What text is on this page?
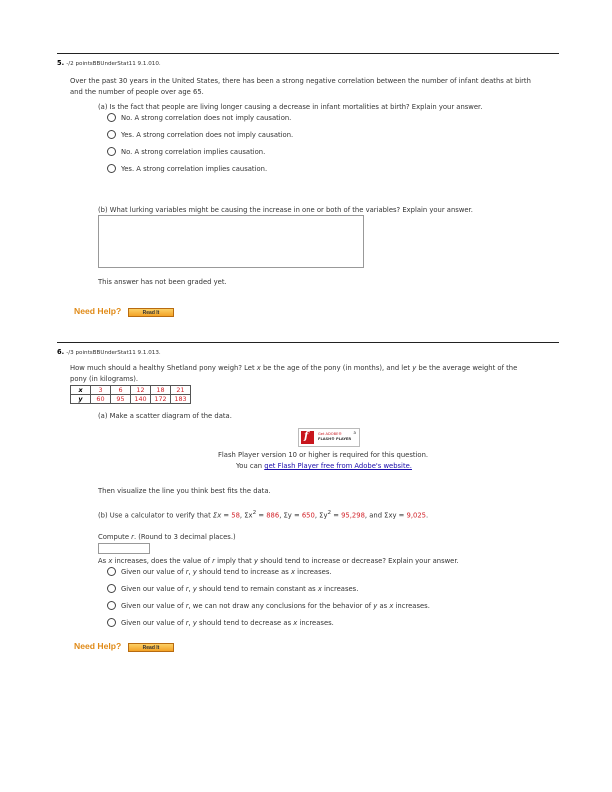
5. -/2 pointsBBUnderStat11 9.1.010.
Over the past 30 years in the United States, there has been a strong negative correlation between the number of infant deaths at birth
and the number of people over age 65.
(a) Is the fact that people are living longer causing a decrease in infant mortalities at birth? Explain your answer.
No. A strong correlation does not imply causation.
Yes. A strong correlation does not imply causation.
No. A strong correlation implies causation.
Yes. A strong correlation implies causation.
(b) What lurking variables might be causing the increase in one or both of the variables? Explain your answer.
This answer has not been graded yet.
Need Help?	Read It
6. -/3 pointsBBUnderStat11 9.1.013.
How much should a healthy Shetland pony weigh? Let x be the age of the pony (in months), and let y be the average weight of the
pony (in kilograms).
x	3	6	12	18	21
y	60	95	140	172	183
(a) Make a scatter diagram of the data.
f	Get ADOBE®
FLASH® PLAYER
a
Flash Player version 10 or higher is required for this question.
You can get Flash Player free from Adobe's website.
Then visualize the line you think best fits the data.
(b) Use a calculator to verify that Σx = 58, $\Sigma x^2 = 886$, Σy = 650, $\Sigma y^2 = 95,298$, and Σxy = 9,025.
Compute r. (Round to 3 decimal places.)
As x increases, does the value of r imply that y should tend to increase or decrease? Explain your answer.
Given our value of r, y should tend to increase as x increases.
Given our value of r, y should tend to remain constant as x increases.
Given our value of r, we can not draw any conclusions for the behavior of y as x increases.
Given our value of r, y should tend to decrease as x increases.
Need Help?	Read It
